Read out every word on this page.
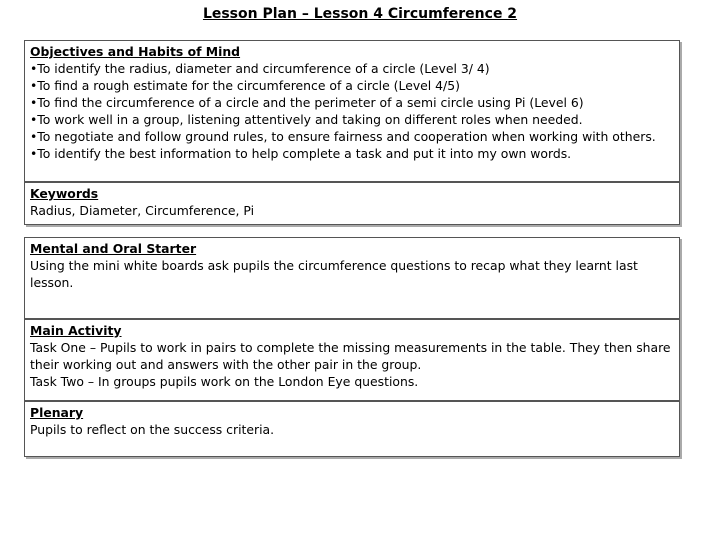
Lesson Plan – Lesson 4 Circumference 2
Objectives and Habits of Mind
•To identify the radius, diameter and circumference of a circle (Level 3/ 4)
•To find a rough estimate for the circumference of a circle (Level 4/5)
•To find the circumference of a circle and the perimeter of a semi circle using Pi (Level 6)
•To work well in a group, listening attentively and taking on different roles when needed.
•To negotiate and follow ground rules, to ensure fairness and cooperation when working with others.
•To identify the best information to help complete a task and put it into my own words.
Keywords
Radius, Diameter, Circumference, Pi
Mental and Oral Starter
Using the mini white boards ask pupils the circumference questions to recap what they learnt last lesson.
Main Activity
Task One – Pupils to work in pairs to complete the missing measurements in the table. They then share their working out and answers with the other pair in the group.
Task Two – In groups pupils work on the London Eye questions.
Plenary
Pupils to reflect on the success criteria.
